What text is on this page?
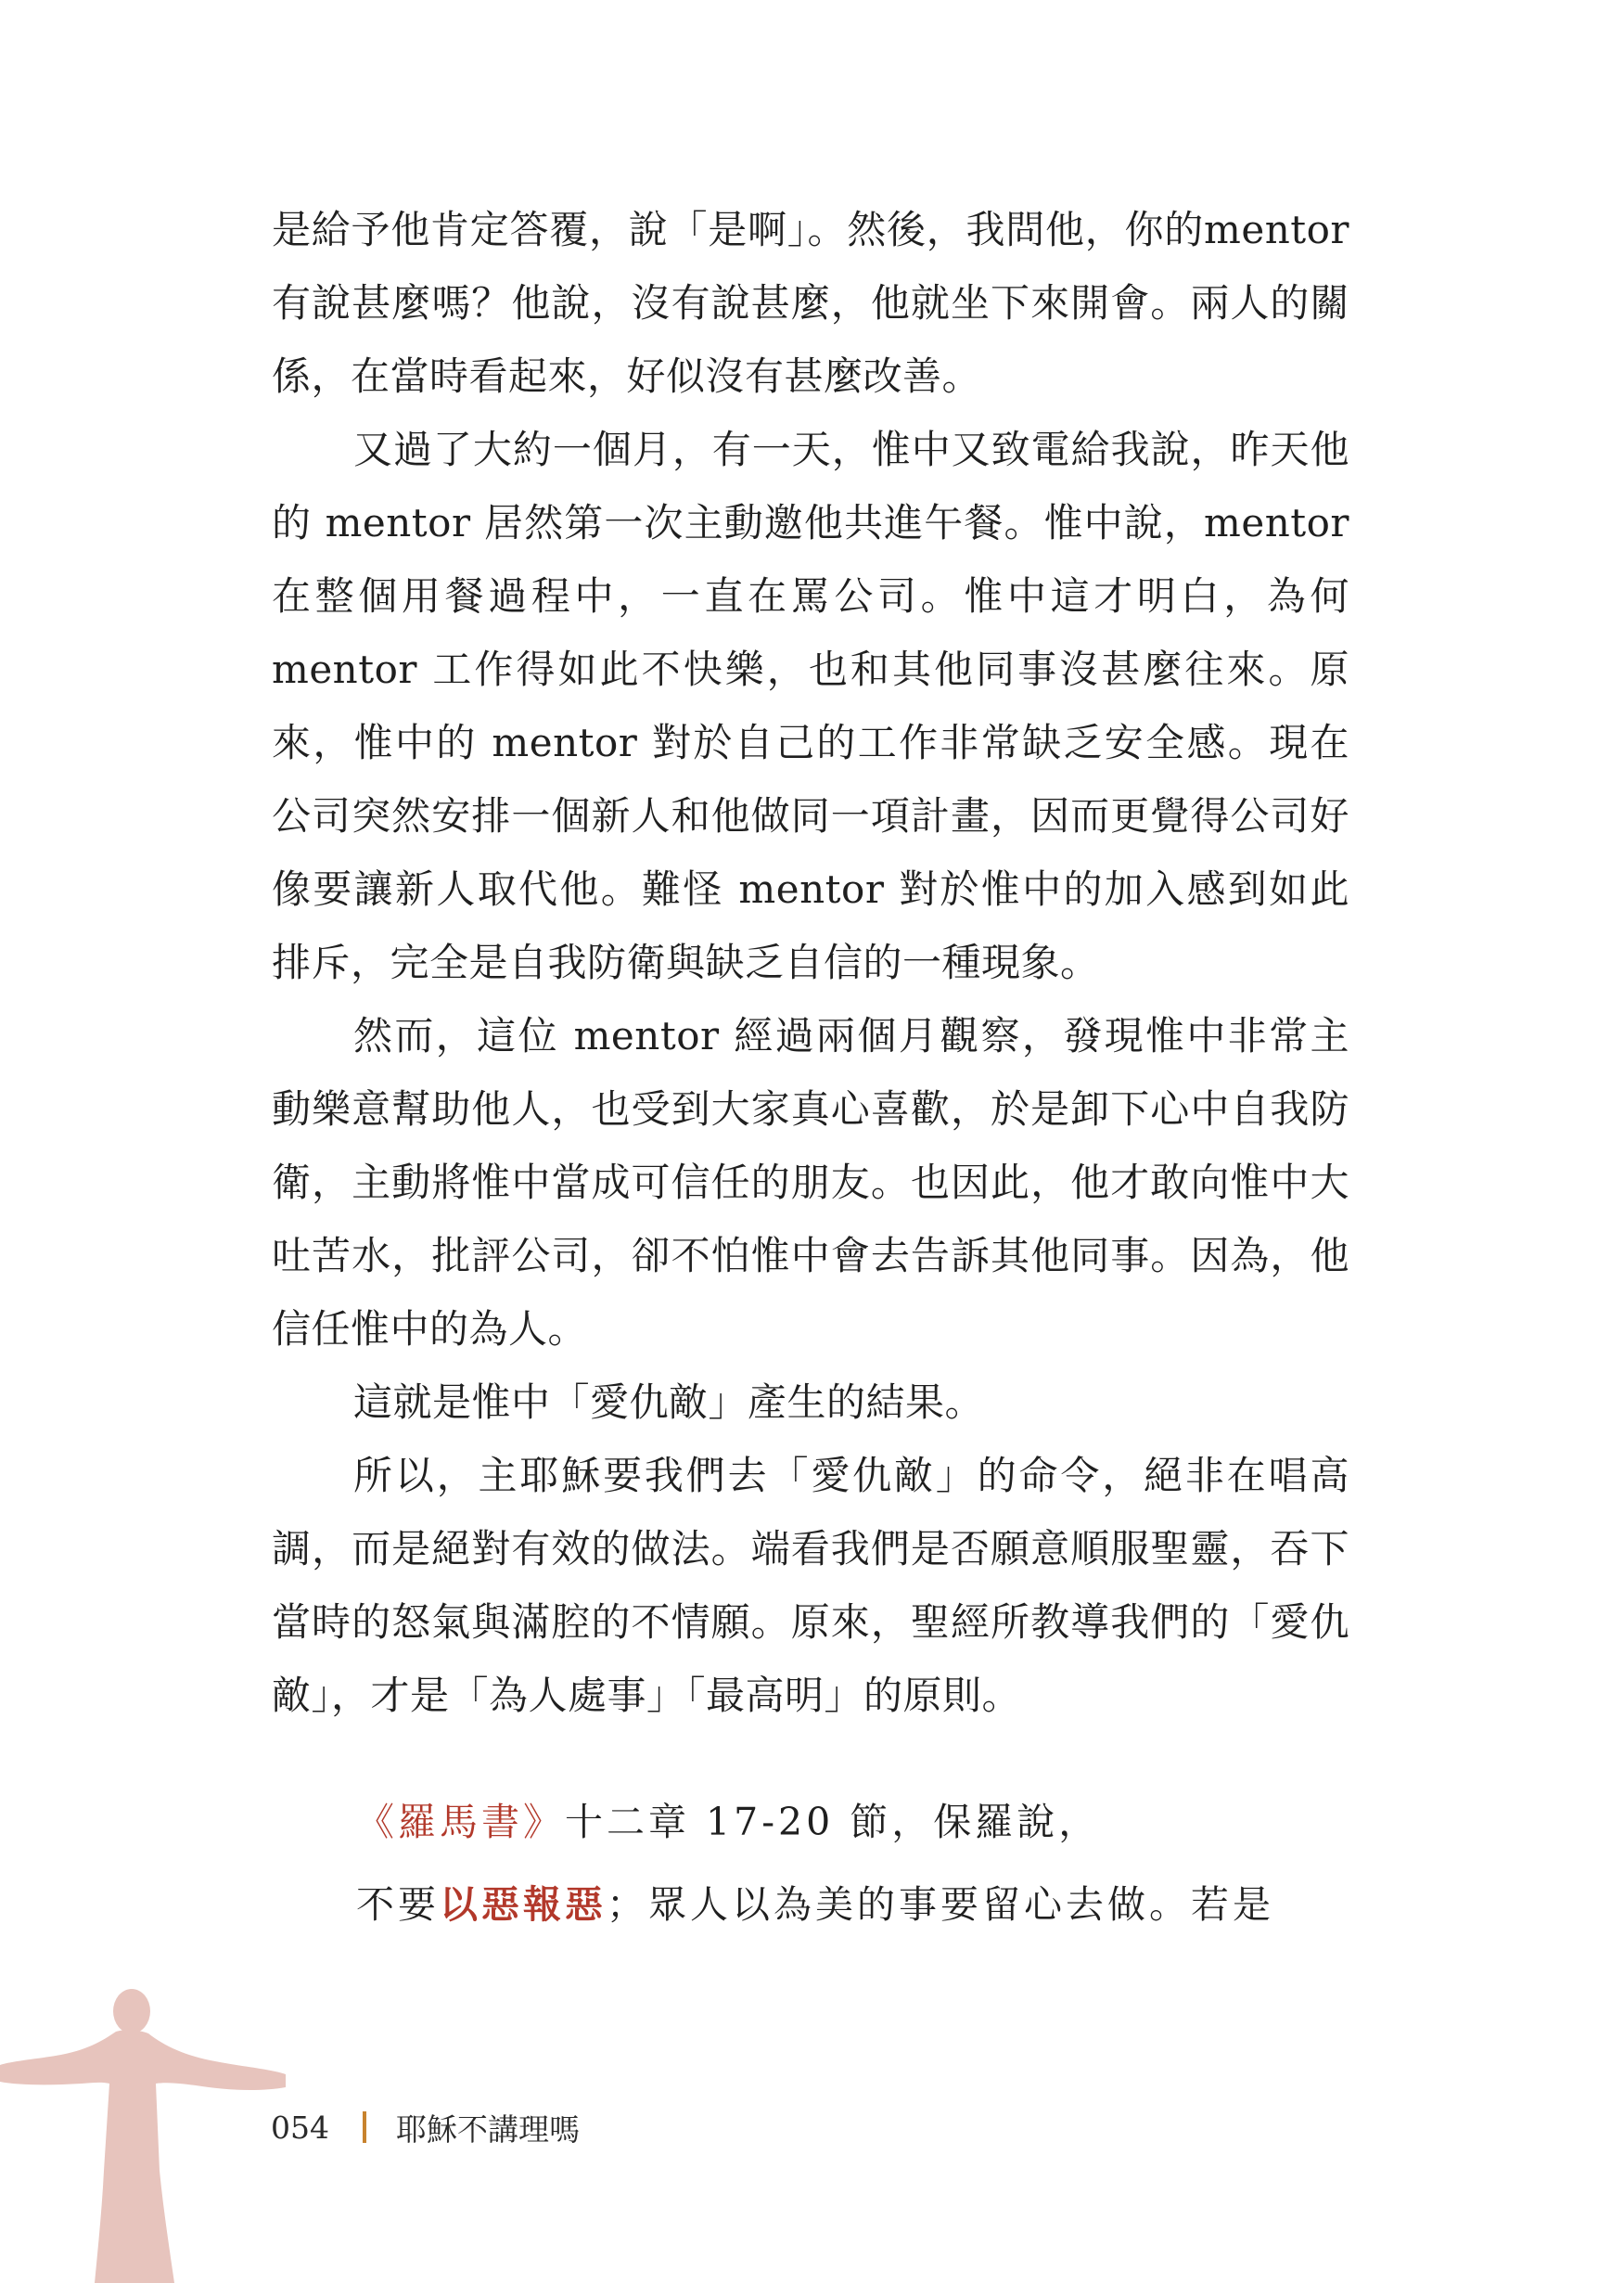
是給予他肯定答覆，說「是啊」。然後，我問他，你的mentor 有說甚麼嗎？他說，沒有說甚麼，他就坐下來開會。兩人的關係，在當時看起來，好似沒有甚麼改善。

又過了大約一個月，有一天，惟中又致電給我說，昨天他的 mentor 居然第一次主動邀他共進午餐。惟中說，mentor 在整個用餐過程中，一直在罵公司。惟中這才明白，為何 mentor 工作得如此不快樂，也和其他同事沒甚麼往來。原來，惟中的 mentor 對於自己的工作非常缺乏安全感。現在公司突然安排一個新人和他做同一項計畫，因而更覺得公司好像要讓新人取代他。難怪 mentor 對於惟中的加入感到如此排斥，完全是自我防衛與缺乏自信的一種現象。

然而，這位 mentor 經過兩個月觀察，發現惟中非常主動樂意幫助他人，也受到大家真心喜歡，於是卸下心中自我防衛，主動將惟中當成可信任的朋友。也因此，他才敢向惟中大吐苦水，批評公司，卻不怕惟中會去告訴其他同事。因為，他信任惟中的為人。

這就是惟中「愛仇敵」產生的結果。

所以，主耶穌要我們去「愛仇敵」的命令，絕非在唱高調，而是絕對有效的做法。端看我們是否願意順服聖靈，吞下當時的怒氣與滿腔的不情願。原來，聖經所教導我們的「愛仇敵」，才是「為人處事」「最高明」的原則。

《羅馬書》十二章 17-20 節，保羅說，

不要以惡報惡；眾人以為美的事要留心去做。若是

054 耶穌不講理嗎
